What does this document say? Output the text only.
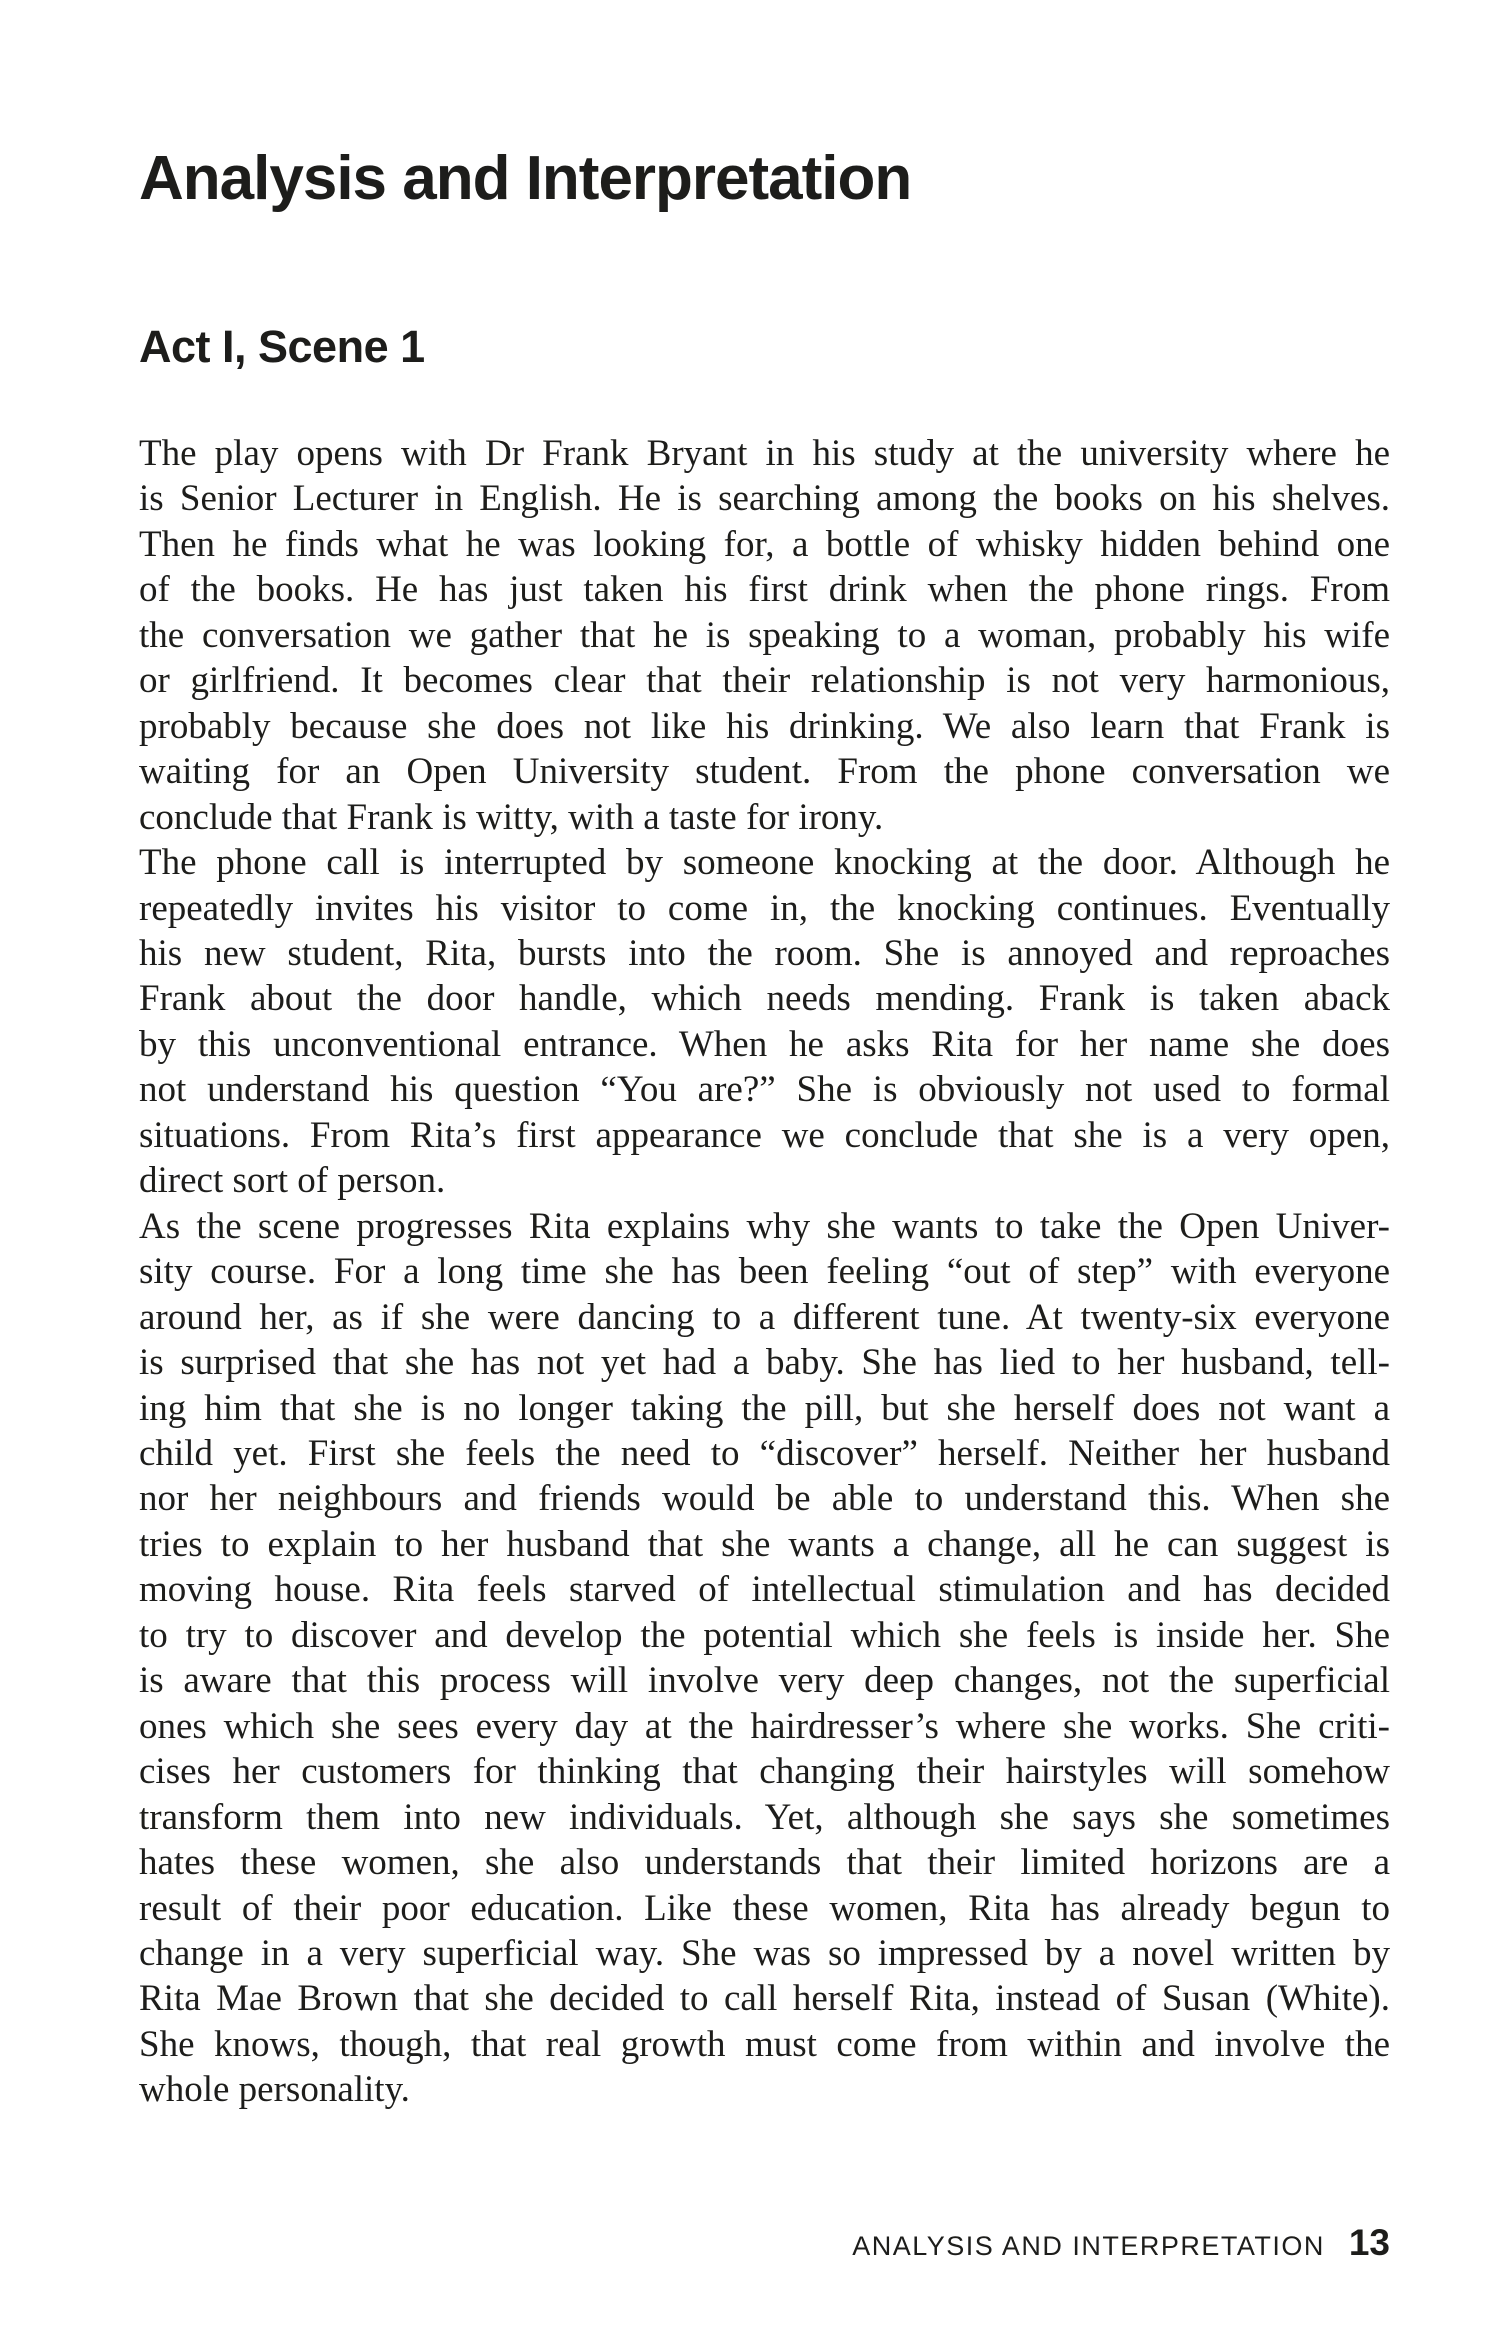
Analysis and Interpretation
Act I, Scene 1
The play opens with Dr Frank Bryant in his study at the university where he
is Senior Lecturer in English. He is searching among the books on his shelves.
Then he finds what he was looking for, a bottle of whisky hidden behind one
of the books. He has just taken his first drink when the phone rings. From
the conversation we gather that he is speaking to a woman, probably his wife
or girlfriend. It becomes clear that their relationship is not very harmonious,
probably because she does not like his drinking. We also learn that Frank is
waiting for an Open University student. From the phone conversation we
conclude that Frank is witty, with a taste for irony.
The phone call is interrupted by someone knocking at the door. Although he
repeatedly invites his visitor to come in, the knocking continues. Eventually
his new student, Rita, bursts into the room. She is annoyed and reproaches
Frank about the door handle, which needs mending. Frank is taken aback
by this unconventional entrance. When he asks Rita for her name she does
not understand his question “You are?” She is obviously not used to formal
situations. From Rita’s first appearance we conclude that she is a very open,
direct sort of person.
As the scene progresses Rita explains why she wants to take the Open Univer-
sity course. For a long time she has been feeling “out of step” with everyone
around her, as if she were dancing to a different tune. At twenty-six everyone
is surprised that she has not yet had a baby. She has lied to her husband, tell-
ing him that she is no longer taking the pill, but she herself does not want a
child yet. First she feels the need to “discover” herself. Neither her husband
nor her neighbours and friends would be able to understand this. When she
tries to explain to her husband that she wants a change, all he can suggest is
moving house. Rita feels starved of intellectual stimulation and has decided
to try to discover and develop the potential which she feels is inside her. She
is aware that this process will involve very deep changes, not the superficial
ones which she sees every day at the hairdresser’s where she works. She criti-
cises her customers for thinking that changing their hairstyles will somehow
transform them into new individuals. Yet, although she says she sometimes
hates these women, she also understands that their limited horizons are a
result of their poor education. Like these women, Rita has already begun to
change in a very superficial way. She was so impressed by a novel written by
Rita Mae Brown that she decided to call herself Rita, instead of Susan (White).
She knows, though, that real growth must come from within and involve the
whole personality.
ANALYSIS AND INTERPRETATION 13
